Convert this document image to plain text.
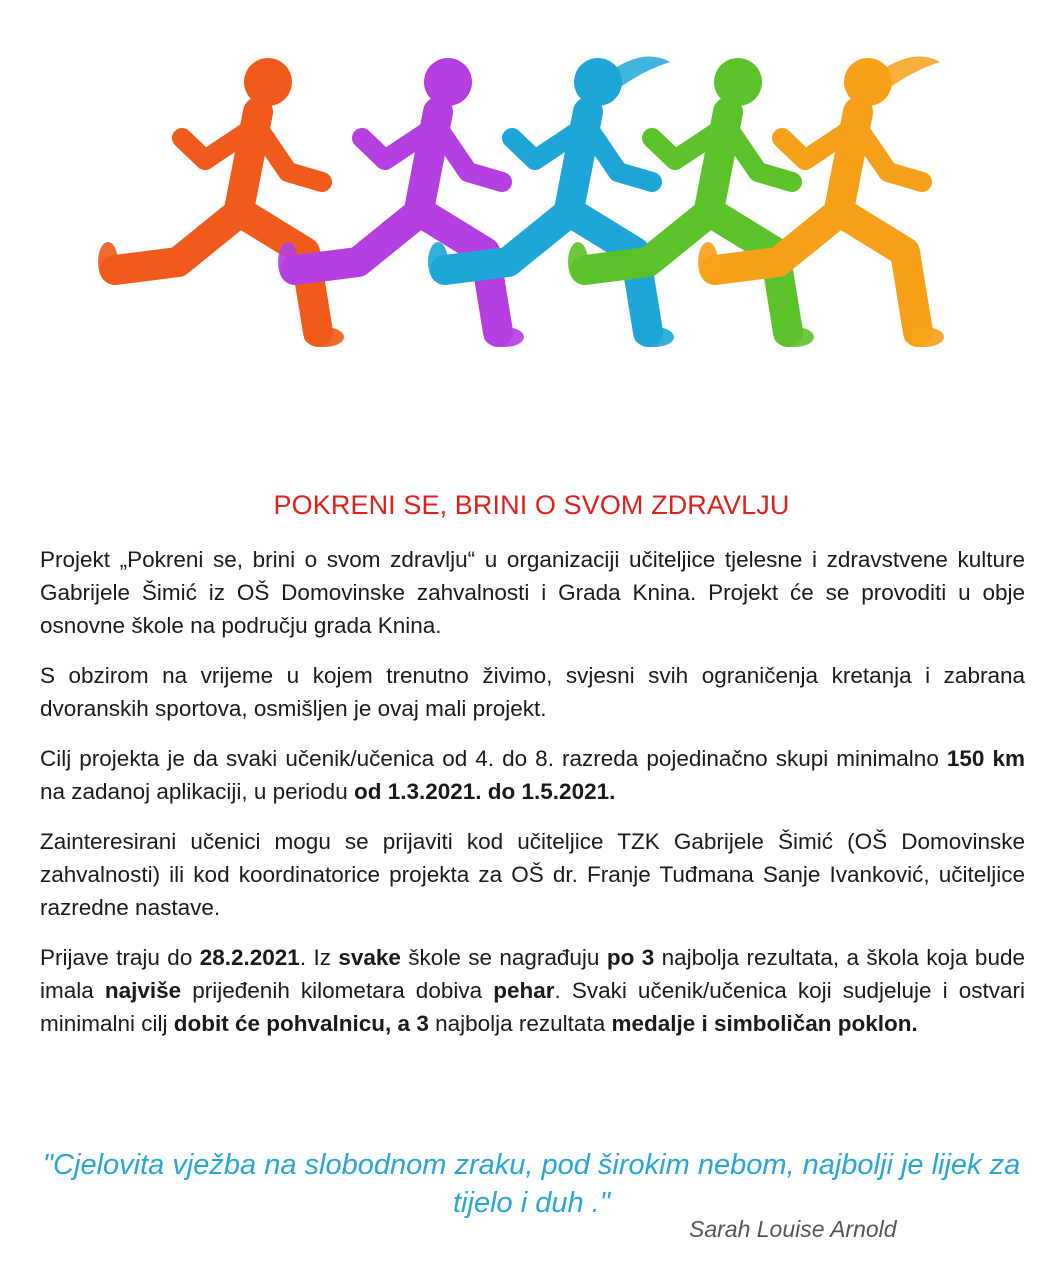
POKRENI SE, BRINI O SVOM ZDRAVLJU

Projekt „Pokreni se, brini o svom zdravlju“ u organizaciji učiteljice tjelesne i zdravstvene kulture Gabrijele Šimić iz OŠ Domovinske zahvalnosti i Grada Knina. Projekt će se provoditi u obje osnovne škole na području grada Knina.

S obzirom na vrijeme u kojem trenutno živimo, svjesni svih ograničenja kretanja i zabrana dvoranskih sportova, osmišljen je ovaj mali projekt.

Cilj projekta je da svaki učenik/učenica od 4. do 8. razreda pojedinačno skupi minimalno 150 km na zadanoj aplikaciji, u periodu od 1.3.2021. do 1.5.2021.

Zainteresirani učenici mogu se prijaviti kod učiteljice TZK Gabrijele Šimić (OŠ Domovinske zahvalnosti) ili kod koordinatorice projekta za OŠ dr. Franje Tuđmana Sanje Ivanković, učiteljice razredne nastave.

Prijave traju do 28.2.2021. Iz svake škole se nagrađuju po 3 najbolja rezultata, a škola koja bude imala najviše prijeđenih kilometara dobiva pehar. Svaki učenik/učenica koji sudjeluje i ostvari minimalni cilj dobit će pohvalnicu, a 3 najbolja rezultata medalje i simboličan poklon.

"Cjelovita vježba na slobodnom zraku, pod širokim nebom, najbolji je lijek za tijelo i duh ."
Sarah Louise Arnold
